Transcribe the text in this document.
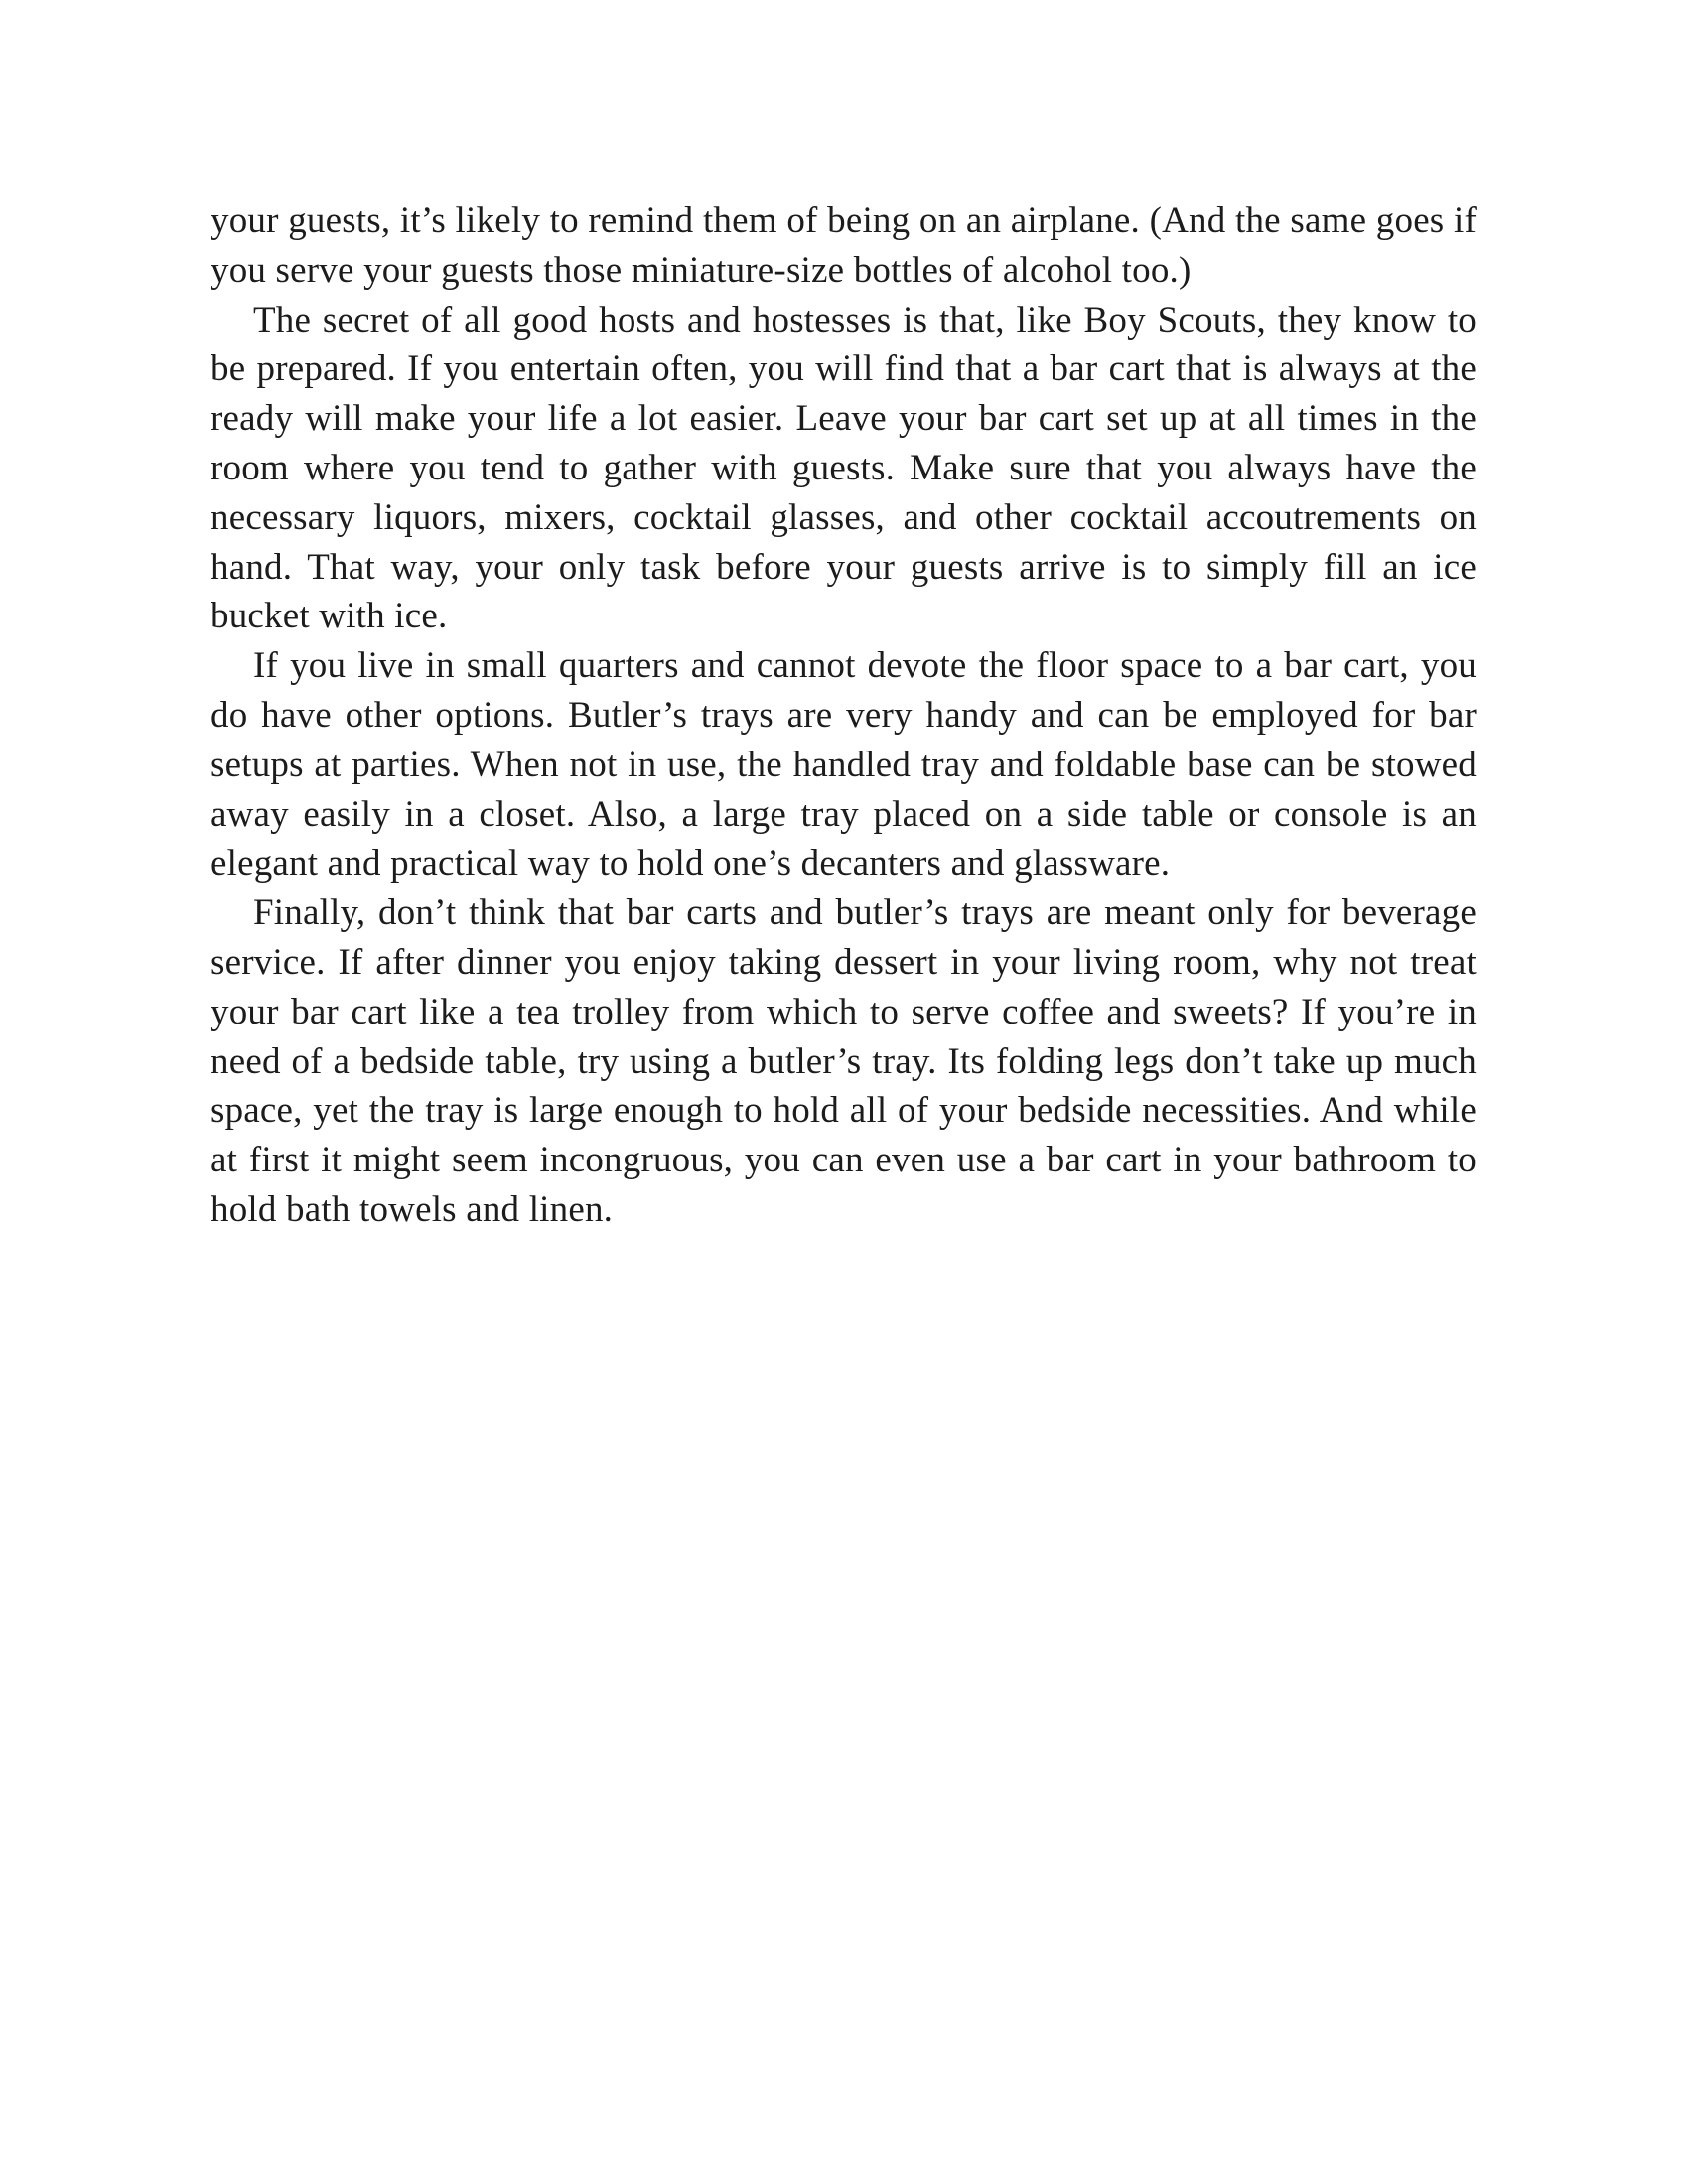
your guests, it’s likely to remind them of being on an airplane. (And the same goes if you serve your guests those miniature-size bottles of alcohol too.)

The secret of all good hosts and hostesses is that, like Boy Scouts, they know to be prepared. If you entertain often, you will find that a bar cart that is always at the ready will make your life a lot easier. Leave your bar cart set up at all times in the room where you tend to gather with guests. Make sure that you always have the necessary liquors, mixers, cocktail glasses, and other cocktail accoutrements on hand. That way, your only task before your guests arrive is to simply fill an ice bucket with ice.

If you live in small quarters and cannot devote the floor space to a bar cart, you do have other options. Butler’s trays are very handy and can be employed for bar setups at parties. When not in use, the handled tray and foldable base can be stowed away easily in a closet. Also, a large tray placed on a side table or console is an elegant and practical way to hold one’s decanters and glassware.

Finally, don’t think that bar carts and butler’s trays are meant only for beverage service. If after dinner you enjoy taking dessert in your living room, why not treat your bar cart like a tea trolley from which to serve coffee and sweets? If you’re in need of a bedside table, try using a butler’s tray. Its folding legs don’t take up much space, yet the tray is large enough to hold all of your bedside necessities. And while at first it might seem incongruous, you can even use a bar cart in your bathroom to hold bath towels and linen.
